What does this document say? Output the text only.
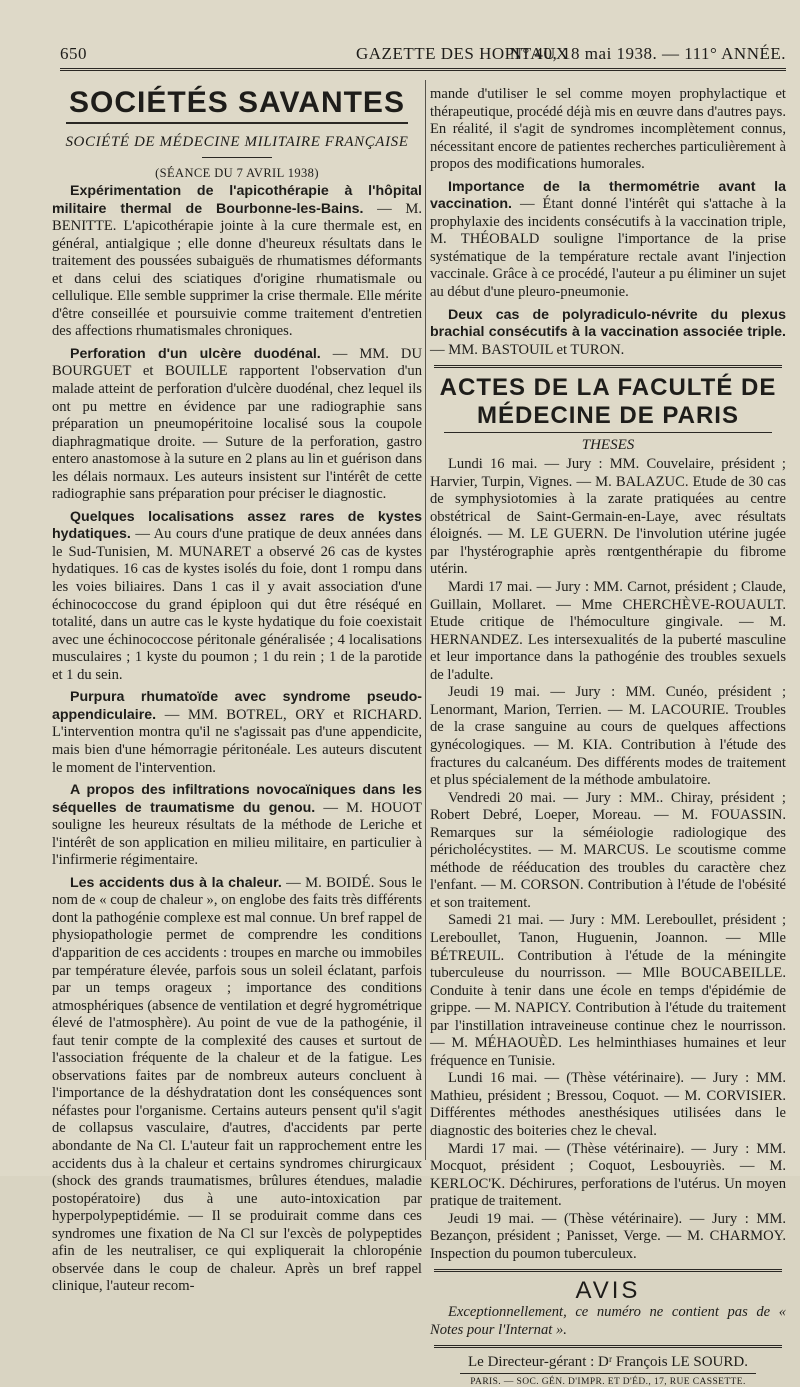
650	GAZETTE DES HOPITAUX
N° 40, 18 mai 1938. — 111° ANNÉE.
SOCIÉTÉS SAVANTES
SOCIÉTÉ DE MÉDECINE MILITAIRE FRANÇAISE
(SÉANCE DU 7 AVRIL 1938)

Expérimentation de l'apicothérapie à l'hôpital militaire thermal de Bourbonne-les-Bains. — M. BENITTE. L'apicothérapie jointe à la cure thermale est, en général, antialgique ; elle donne d'heureux résultats dans le traitement des poussées subaiguës de rhumatismes déformants et dans celui des sciatiques d'origine rhumatismale ou cellulique. Elle semble supprimer la crise thermale. Elle mérite d'être conseillée et poursuivie comme traitement d'entretien des affections rhumatismales chroniques.

Perforation d'un ulcère duodénal. — MM. DU BOURGUET et BOUILLE rapportent l'observation d'un malade atteint de perforation d'ulcère duodénal, chez lequel ils ont pu mettre en évidence par une radiographie sans préparation un pneumopéritoine localisé sous la coupole diaphragmatique droite. — Suture de la perforation, gastro entero anastomose à la suture en 2 plans au lin et guérison dans les délais normaux. Les auteurs insistent sur l'intérêt de cette radiographie sans préparation pour préciser le diagnostic.

Quelques localisations assez rares de kystes hydatiques. — Au cours d'une pratique de deux années dans le Sud-Tunisien, M. MUNARET a observé 26 cas de kystes hydatiques. 16 cas de kystes isolés du foie, dont 1 rompu dans les voies biliaires. Dans 1 cas il y avait association d'une échinococcose du grand épiploon qui dut être réséqué en totalité, dans un autre cas le kyste hydatique du foie coexistait avec une échinococcose péritonale généralisée ; 4 localisations musculaires ; 1 kyste du poumon ; 1 du rein ; 1 de la parotide et 1 du sein.

Purpura rhumatoïde avec syndrome pseudo-appendiculaire. — MM. BOTREL, ORY et RICHARD. L'intervention montra qu'il ne s'agissait pas d'une appendicite, mais bien d'une hémorragie péritonéale. Les auteurs discutent le moment de l'intervention.

A propos des infiltrations novocaïniques dans les séquelles de traumatisme du genou. — M. HOUOT souligne les heureux résultats de la méthode de Leriche et l'intérêt de son application en milieu militaire, en particulier à l'infirmerie régimentaire.

Les accidents dus à la chaleur. — M. BOIDÉ. Sous le nom de « coup de chaleur », on englobe des faits très différents dont la pathogénie complexe est mal connue. Un bref rappel de physiopathologie permet de comprendre les conditions d'apparition de ces accidents : troupes en marche ou immobiles par température élevée, parfois sous un soleil éclatant, parfois par un temps orageux ; importance des conditions atmosphériques (absence de ventilation et degré hygrométrique élevé de l'atmosphère). Au point de vue de la pathogénie, il faut tenir compte de la complexité des causes et surtout de l'association fréquente de la chaleur et de la fatigue. Les observations faites par de nombreux auteurs concluent à l'importance de la déshydratation dont les conséquences sont néfastes pour l'organisme. Certains auteurs pensent qu'il s'agit de collapsus vasculaire, d'autres, d'accidents par perte abondante de Na Cl. L'auteur fait un rapprochement entre les accidents dus à la chaleur et certains syndromes chirurgicaux (shock des grands traumatismes, brûlures étendues, maladie postopératoire) dus à une auto-intoxication par hyperpolypeptidémie. — Il se produirait comme dans ces syndromes une fixation de Na Cl sur l'excès de polypeptides afin de les neutraliser, ce qui expliquerait la chloropénie observée dans le coup de chaleur. Après un bref rappel clinique, l'auteur recom-

mande d'utiliser le sel comme moyen prophylactique et thérapeutique, procédé déjà mis en œuvre dans d'autres pays. En réalité, il s'agit de syndromes incomplètement connus, nécessitant encore de patientes recherches particulièrement à propos des modifications humorales.

Importance de la thermométrie avant la vaccination. — Étant donné l'intérêt qui s'attache à la prophylaxie des incidents consécutifs à la vaccination triple, M. THÉOBALD souligne l'importance de la prise systématique de la température rectale avant l'injection vaccinale. Grâce à ce procédé, l'auteur a pu éliminer un sujet au début d'une pleuro-pneumonie.

Deux cas de polyradiculo-névrite du plexus brachial consécutifs à la vaccination associée triple. — MM. BASTOUIL et TURON.

ACTES DE LA FACULTÉ DE MÉDECINE DE PARIS
THESES

Lundi 16 mai. — Jury : MM. Couvelaire, président ; Harvier, Turpin, Vignes. — M. BALAZUC. Etude de 30 cas de symphysiotomies à la zarate pratiquées au centre obstétrical de Saint-Germain-en-Laye, avec résultats éloignés. — M. LE GUERN. De l'involution utérine jugée par l'hystérographie après rœntgenthérapie du fibrome utérin.

Mardi 17 mai. — Jury : MM. Carnot, président ; Claude, Guillain, Mollaret. — Mme CHERCHÈVE-ROUAULT. Etude critique de l'hémoculture gingivale. — M. HERNANDEZ. Les intersexualités de la puberté masculine et leur importance dans la pathogénie des troubles sexuels de l'adulte.

Jeudi 19 mai. — Jury : MM. Cunéo, président ; Lenormant, Marion, Terrien. — M. LACOURIE. Troubles de la crase sanguine au cours de quelques affections gynécologiques. — M. KIA. Contribution à l'étude des fractures du calcanéum. Des différents modes de traitement et plus spécialement de la méthode ambulatoire.

Vendredi 20 mai. — Jury : MM.. Chiray, président ; Robert Debré, Loeper, Moreau. — M. FOUASSIN. Remarques sur la séméiologie radiologique des péricholécystites. — M. MARCUS. Le scoutisme comme méthode de rééducation des troubles du caractère chez l'enfant. — M. CORSON. Contribution à l'étude de l'obésité et son traitement.

Samedi 21 mai. — Jury : MM. Lereboullet, président ; Lereboullet, Tanon, Huguenin, Joannon. — Mlle BÉTREUIL. Contribution à l'étude de la méningite tuberculeuse du nourrisson. — Mlle BOUCABEILLE. Conduite à tenir dans une école en temps d'épidémie de grippe. — M. NAPICY. Contribution à l'étude du traitement par l'instillation intraveineuse continue chez le nourrisson. — M. MÉHAOUÈD. Les helminthiases humaines et leur fréquence en Tunisie.

Lundi 16 mai. — (Thèse vétérinaire). — Jury : MM. Mathieu, président ; Bressou, Coquot. — M. CORVISIER. Différentes méthodes anesthésiques utilisées dans le diagnostic des boiteries chez le cheval.

Mardi 17 mai. — (Thèse vétérinaire). — Jury : MM. Mocquot, président ; Coquot, Lesbouyriès. — M. KERLOC'K. Déchirures, perforations de l'utérus. Un moyen pratique de traitement.

Jeudi 19 mai. — (Thèse vétérinaire). — Jury : MM. Bezançon, président ; Panisset, Verge. — M. CHARMOY. Inspection du poumon tuberculeux.

AVIS

Exceptionnellement, ce numéro ne contient pas de « Notes pour l'Internat ».

Le Directeur-gérant : Dʳ François LE SOURD.
PARIS. — SOC. GÉN. D'IMPR. ET D'ÉD., 17, RUE CASSETTE.
